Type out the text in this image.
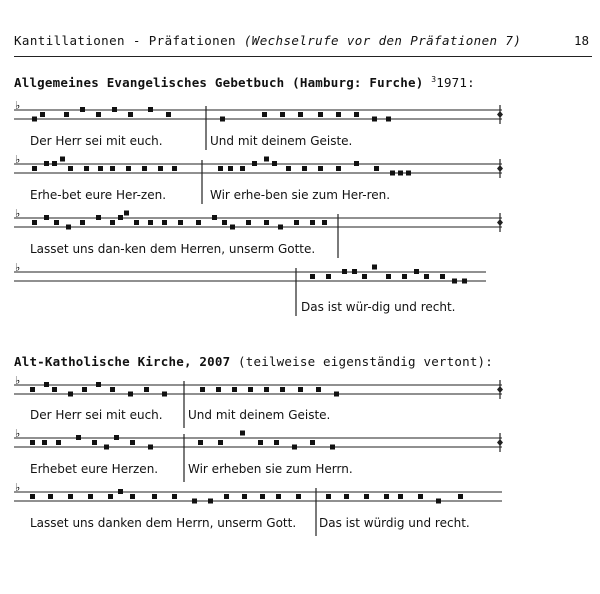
Kantillationen - Präfationen (Wechselrufe vor den Präfationen 7)	18
Allgemeines Evangelisches Gebetbuch (Hamburg: Furche) $^3$1971:
Der Herr sei mit euch.	Und mit deinem Geiste.
Erhe-bet eure Her-zen.	Wir erhe-ben sie zum Her-ren.
Lasset uns dan-ken dem Herren, unserm Gotte.
Das ist wür-dig und recht.
Alt-Katholische Kirche, 2007 (teilweise eigenständig vertont):
Der Herr sei mit euch. Und mit deinem Geiste.
Erhebet eure Herzen. Wir erheben sie zum Herrn.
Lasset uns danken dem Herrn, unserm Gott. Das ist würdig und recht.
♭
♭
♭
♭
♭
♭
♭
